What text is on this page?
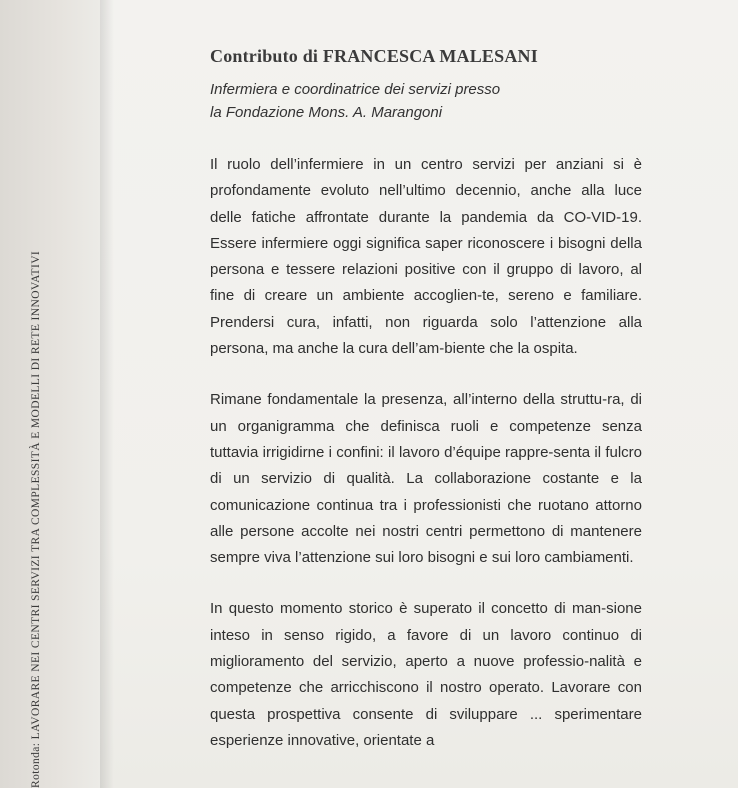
Rotonda: LAVORARE NEI CENTRI SERVIZI TRA COMPLESSITÀ E MODELLI DI RETE INNOVATIVI
Contributo di FRANCESCA MALESANI

Infermiera e coordinatrice dei servizi presso

la Fondazione Mons. A. Marangoni

Il ruolo dell’infermiere in un centro servizi per anziani si è profondamente evoluto nell’ultimo decennio, anche alla luce delle fatiche affrontate durante la pandemia da CO-VID-19. Essere infermiere oggi significa saper riconoscere i bisogni della persona e tessere relazioni positive con il gruppo di lavoro, al fine di creare un ambiente accoglien-te, sereno e familiare. Prendersi cura, infatti, non riguarda solo l’attenzione alla persona, ma anche la cura dell’am-biente che la ospita.

Rimane fondamentale la presenza, all’interno della struttu-ra, di un organigramma che definisca ruoli e competenze senza tuttavia irrigidirne i confini: il lavoro d’équipe rappre-senta il fulcro di un servizio di qualità. La collaborazione costante e la comunicazione continua tra i professionisti che ruotano attorno alle persone accolte nei nostri centri permettono di mantenere sempre viva l’attenzione sui loro bisogni e sui loro cambiamenti.

In questo momento storico è superato il concetto di man-sione inteso in senso rigido, a favore di un lavoro continuo di miglioramento del servizio, aperto a nuove professio-nalità e competenze che arricchiscono il nostro operato. Lavorare con questa prospettiva consente di sviluppare ... sperimentare esperienze innovative, orientate a
